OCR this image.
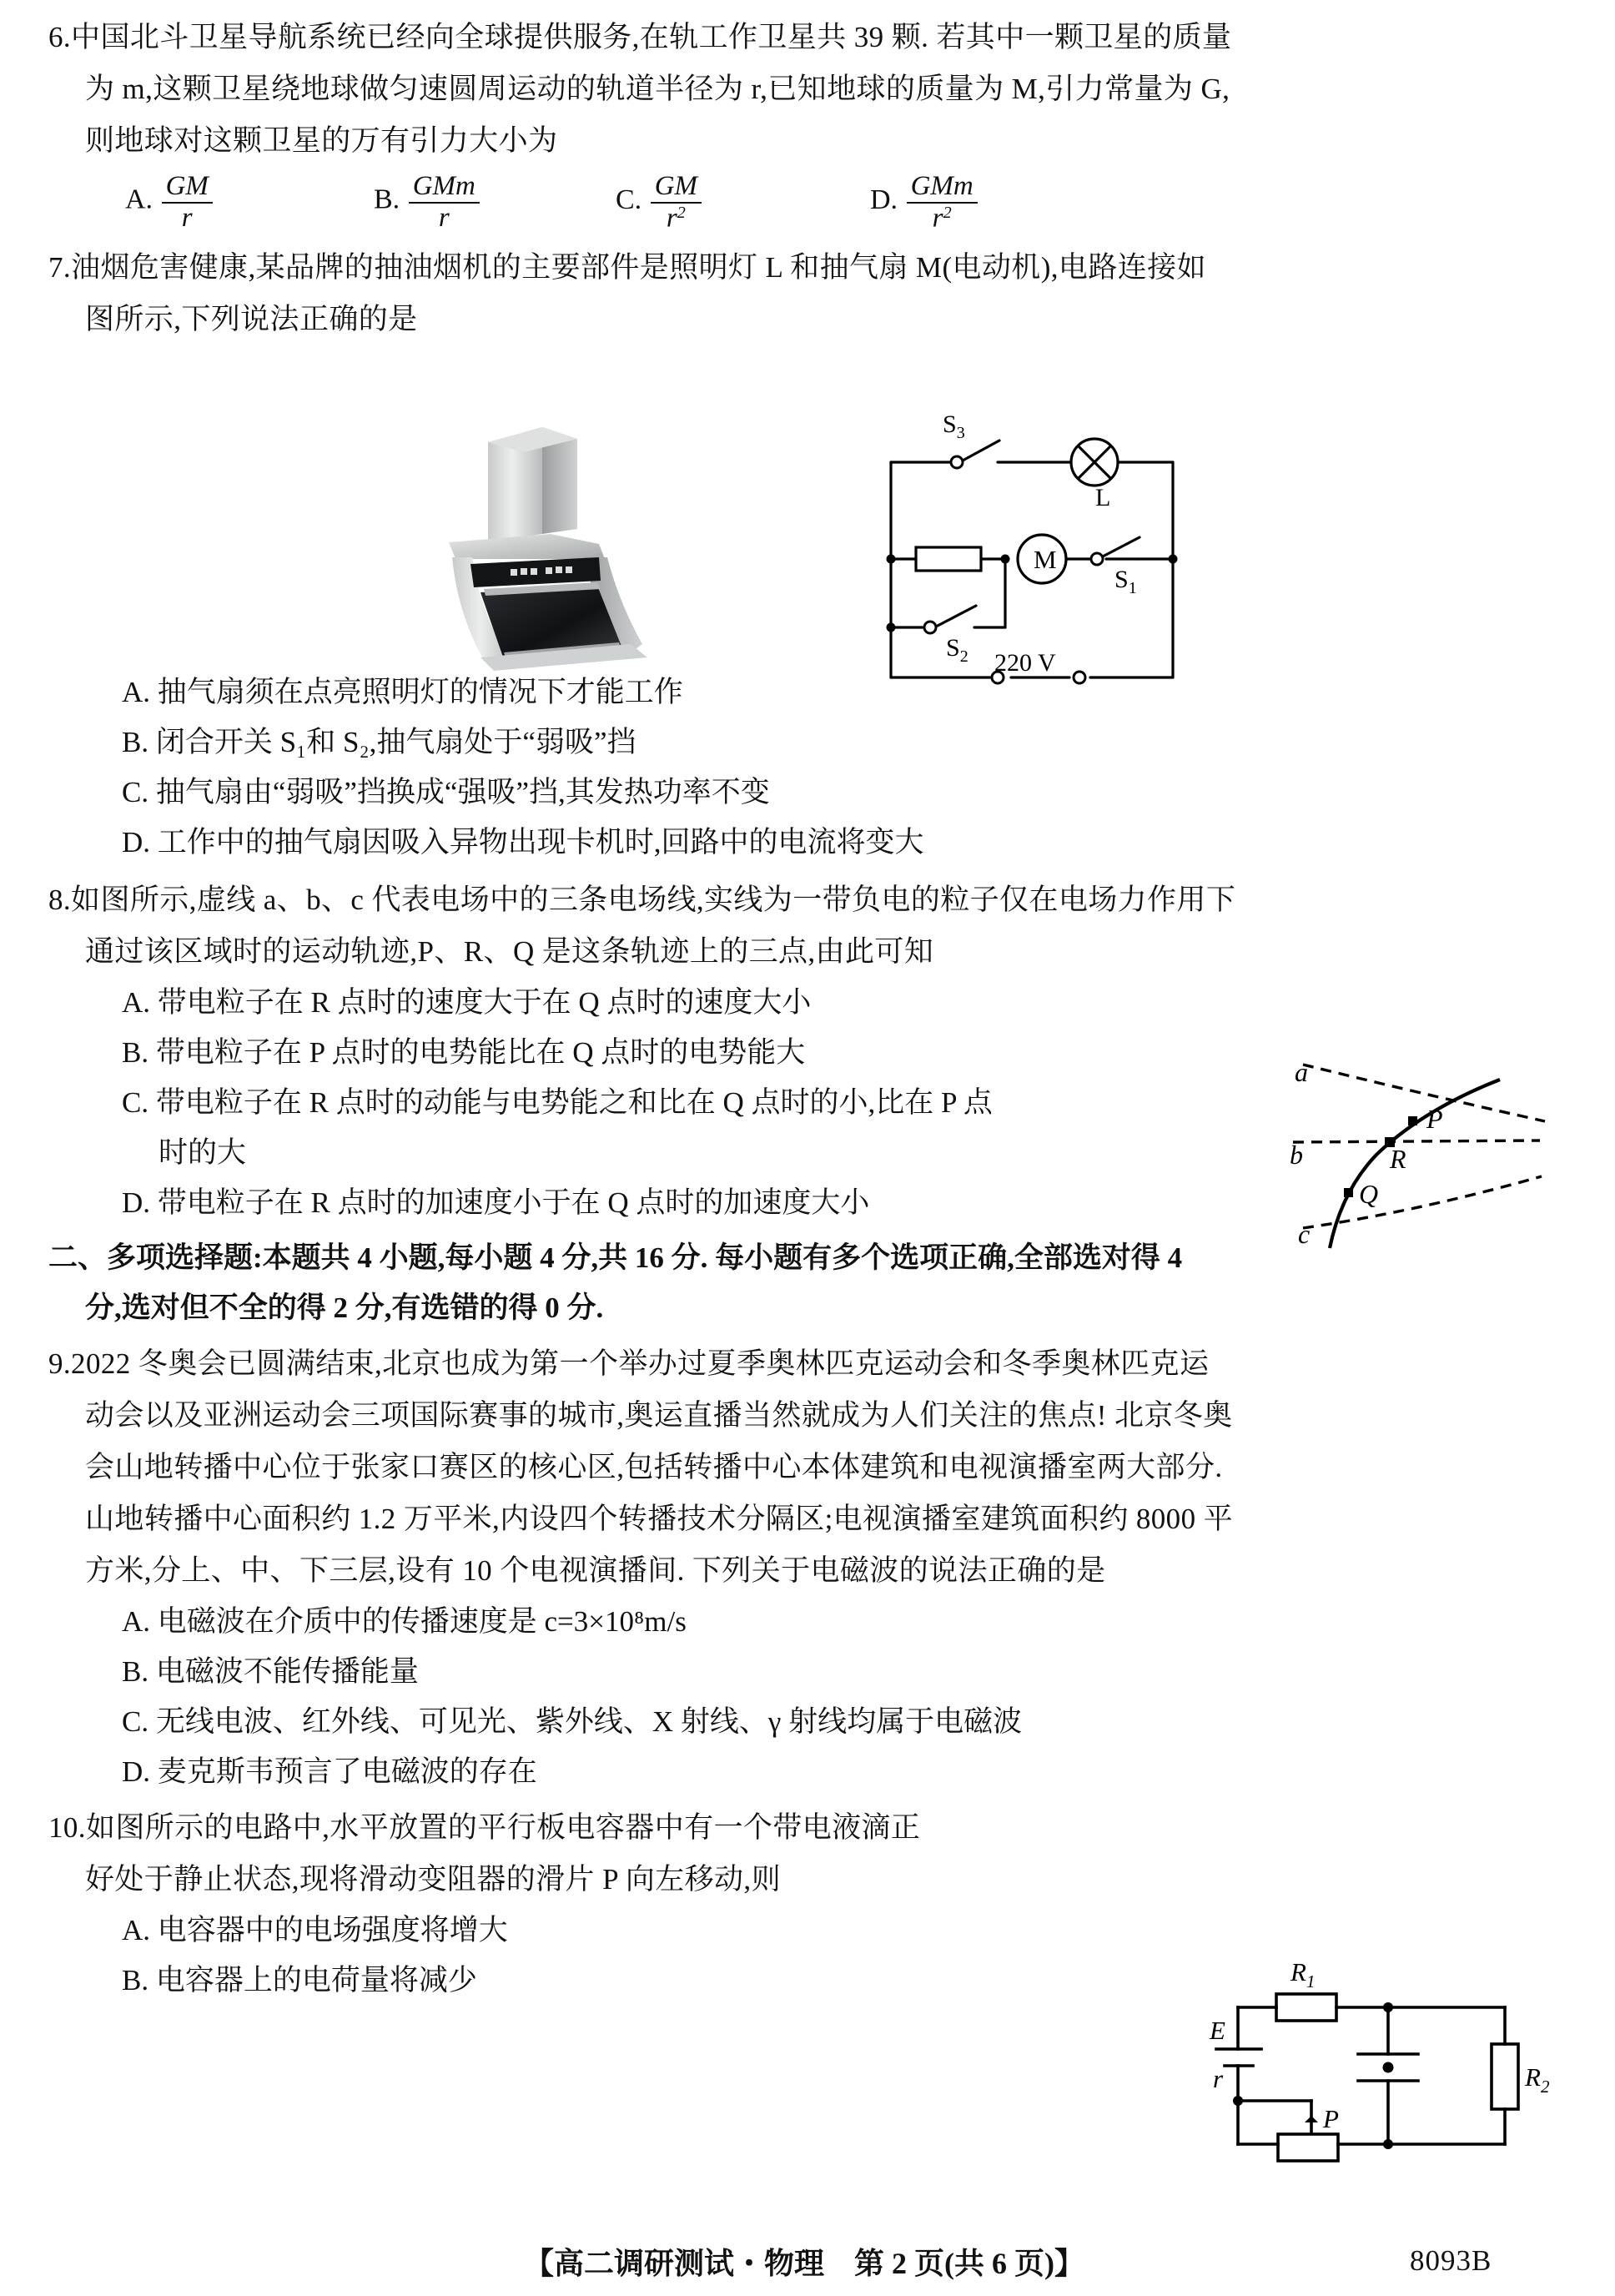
6.中国北斗卫星导航系统已经向全球提供服务,在轨工作卫星共 39 颗. 若其中一颗卫星的质量
为 m,这颗卫星绕地球做匀速圆周运动的轨道半径为 r,已知地球的质量为 M,引力常量为 G,
则地球对这颗卫星的万有引力大小为
A. $\frac{GM}{r}$	B. $\frac{\text{GMm}}{r}$	C. $\frac{GM}{r^2}$	D. $\frac{\text{GMm}}{r^2}$
7.油烟危害健康,某品牌的抽油烟机的主要部件是照明灯 L 和抽气扇 M(电动机),电路连接如
图所示,下列说法正确的是
A. 抽气扇须在点亮照明灯的情况下才能工作
B. 闭合开关 S₁和 S₂,抽气扇处于“弱吸”挡
C. 抽气扇由“弱吸”挡换成“强吸”挡,其发热功率不变
D. 工作中的抽气扇因吸入异物出现卡机时,回路中的电流将变大
8.如图所示,虚线 a、b、c 代表电场中的三条电场线,实线为一带负电的粒子仅在电场力作用下
通过该区域时的运动轨迹,P、R、Q 是这条轨迹上的三点,由此可知
A. 带电粒子在 R 点时的速度大于在 Q 点时的速度大小
B. 带电粒子在 P 点时的电势能比在 Q 点时的电势能大
C. 带电粒子在 R 点时的动能与电势能之和比在 Q 点时的小,比在 P 点
时的大
D. 带电粒子在 R 点时的加速度小于在 Q 点时的加速度大小
二、多项选择题:本题共 4 小题,每小题 4 分,共 16 分. 每小题有多个选项正确,全部选对得 4
分,选对但不全的得 2 分,有选错的得 0 分.
9.2022 冬奥会已圆满结束,北京也成为第一个举办过夏季奥林匹克运动会和冬季奥林匹克运
动会以及亚洲运动会三项国际赛事的城市,奥运直播当然就成为人们关注的焦点! 北京冬奥
会山地转播中心位于张家口赛区的核心区,包括转播中心本体建筑和电视演播室两大部分.
山地转播中心面积约 1.2 万平米,内设四个转播技术分隔区;电视演播室建筑面积约 8000 平
方米,分上、中、下三层,设有 10 个电视演播间. 下列关于电磁波的说法正确的是
A. 电磁波在介质中的传播速度是 c=3×10⁸m/s
B. 电磁波不能传播能量
C. 无线电波、红外线、可见光、紫外线、X 射线、γ 射线均属于电磁波
D. 麦克斯韦预言了电磁波的存在
10.如图所示的电路中,水平放置的平行板电容器中有一个带电液滴正
好处于静止状态,现将滑动变阻器的滑片 P 向左移动,则
A. 电容器中的电场强度将增大
B. 电容器上的电荷量将减少
$S_3$
L
M
$S_1$
$S_2$ 220 V
a
b
c
P
R
Q
$R_1$
$R_2$
E
r
P
【高二调研测试・物理　第 2 页(共 6 页)】	8093B
